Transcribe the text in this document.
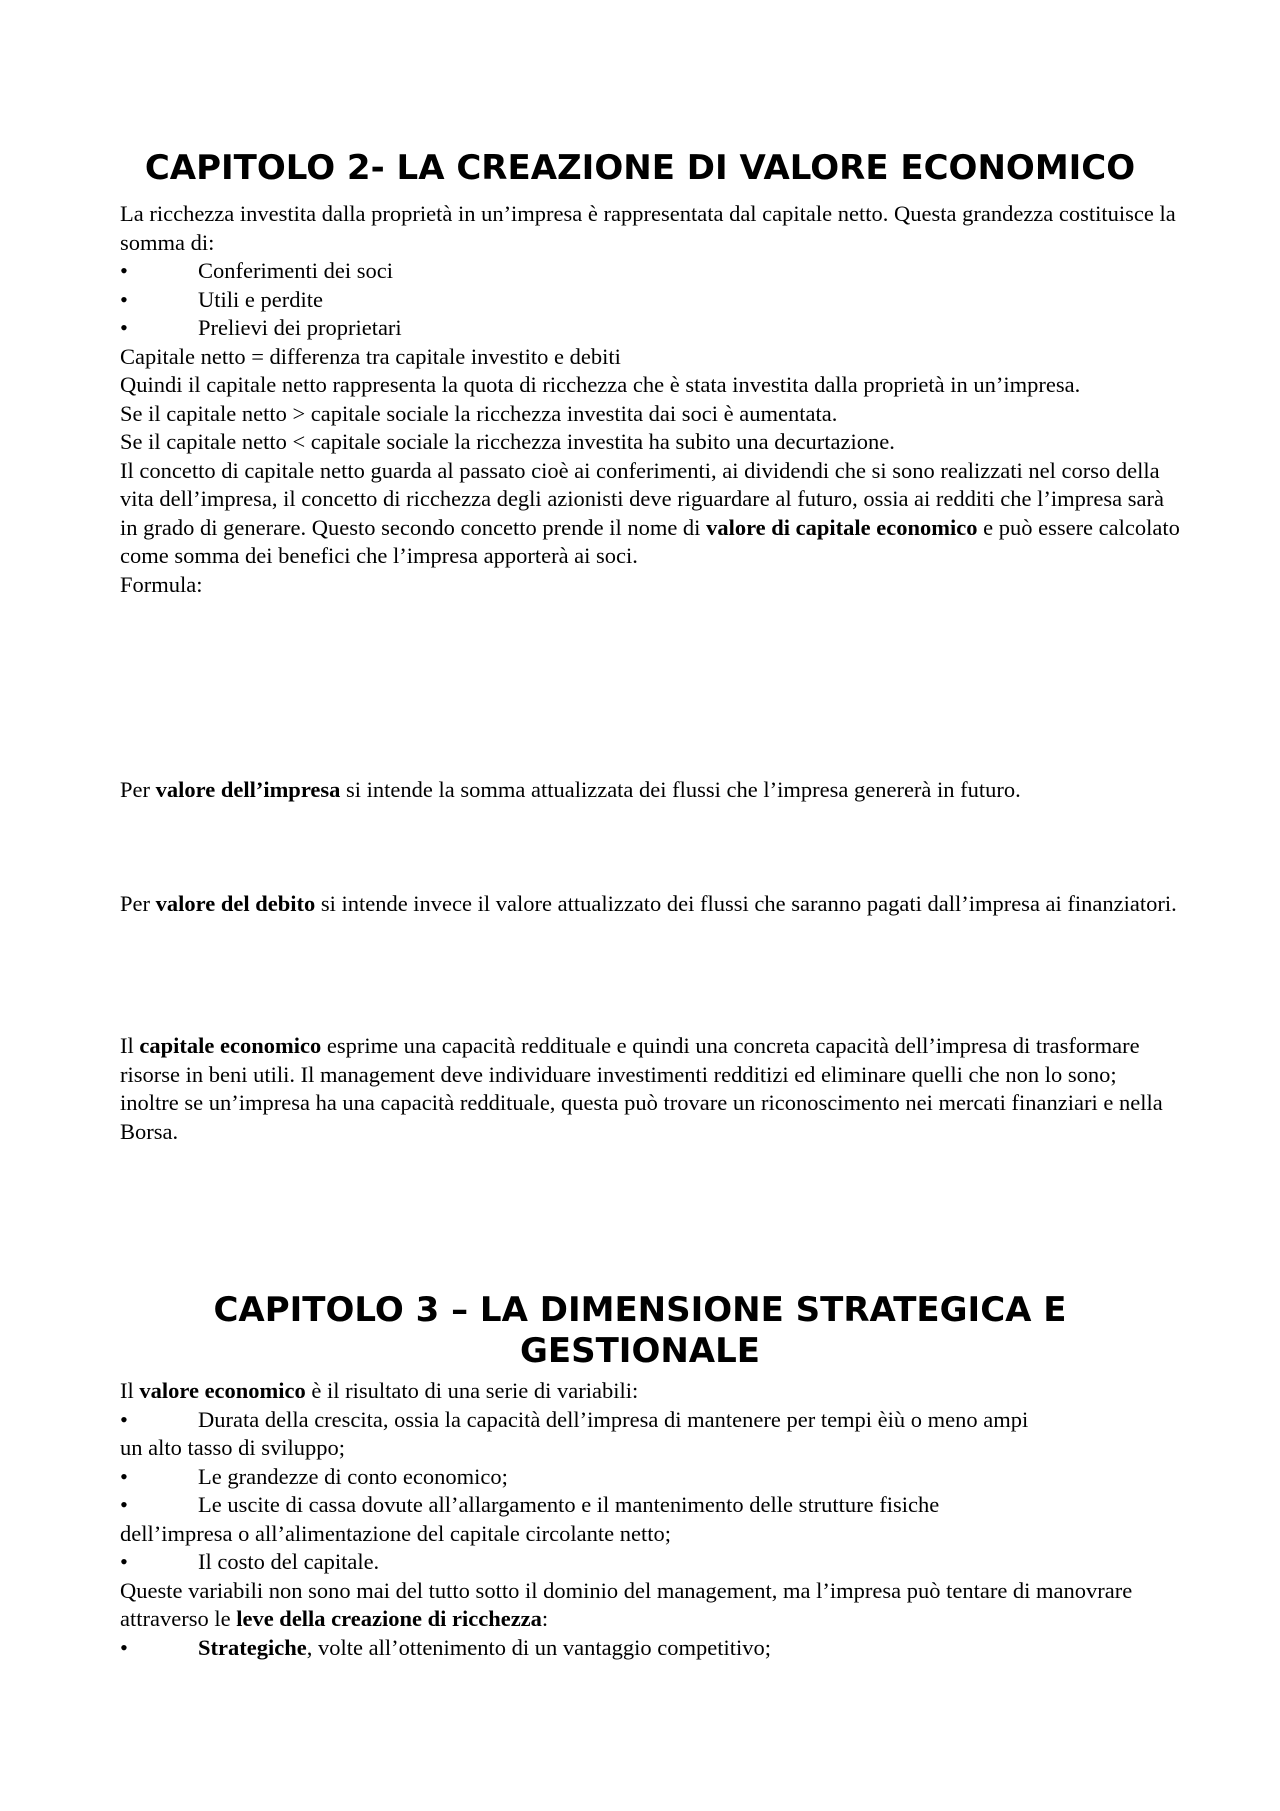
CAPITOLO 2- LA CREAZIONE DI VALORE ECONOMICO

La ricchezza investita dalla proprietà in un’impresa è rappresentata dal capitale netto. Questa grandezza costituisce la somma di:

•	Conferimenti dei soci

•	Utili e perdite

•	Prelievi dei proprietari

Capitale netto = differenza tra capitale investito e debiti

Quindi il capitale netto rappresenta la quota di ricchezza che è stata investita dalla proprietà in un’impresa.

Se il capitale netto > capitale sociale la ricchezza investita dai soci è aumentata.

Se il capitale netto < capitale sociale la ricchezza investita ha subito una decurtazione.

Il concetto di capitale netto guarda al passato cioè ai conferimenti, ai dividendi che si sono realizzati nel corso della vita dell’impresa, il concetto di ricchezza degli azionisti deve riguardare al futuro, ossia ai redditi che l’impresa sarà in grado di generare. Questo secondo concetto prende il nome di valore di capitale economico e può essere calcolato come somma dei benefici che l’impresa apporterà ai soci.

Formula:

Per valore dell’impresa si intende la somma attualizzata dei flussi che l’impresa genererà in futuro.

Per valore del debito si intende invece il valore attualizzato dei flussi che saranno pagati dall’impresa ai finanziatori.

Il capitale economico esprime una capacità reddituale e quindi una concreta capacità dell’impresa di trasformare risorse in beni utili. Il management deve individuare investimenti redditizi ed eliminare quelli che non lo sono; inoltre se un’impresa ha una capacità reddituale, questa può trovare un riconoscimento nei mercati finanziari e nella Borsa.

CAPITOLO 3 – LA DIMENSIONE STRATEGICA E
GESTIONALE

Il valore economico è il risultato di una serie di variabili:

•	Durata della crescita, ossia la capacità dell’impresa di mantenere per tempi èiù o meno ampi
un alto tasso di sviluppo;

•	Le grandezze di conto economico;

•	Le uscite di cassa dovute all’allargamento e il mantenimento delle strutture fisiche
dell’impresa o all’alimentazione del capitale circolante netto;

•	Il costo del capitale.

Queste variabili non sono mai del tutto sotto il dominio del management, ma l’impresa può tentare di manovrare attraverso le leve della creazione di ricchezza:

•	Strategiche, volte all’ottenimento di un vantaggio competitivo;
